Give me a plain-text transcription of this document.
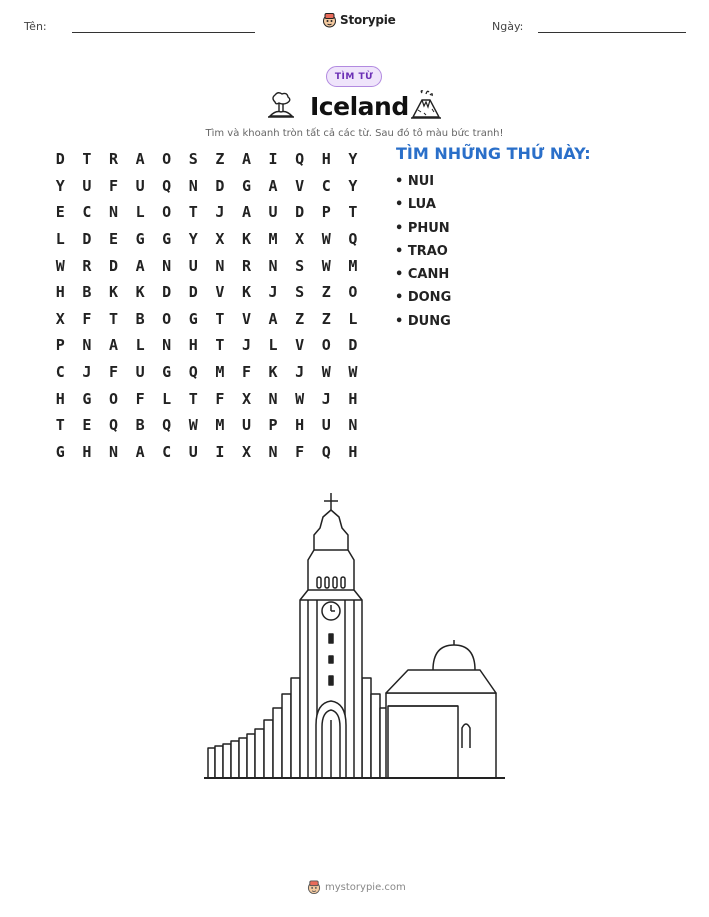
Tên:	Storypie	Ngày:
TÌM TỪ
Iceland
Tìm và khoanh tròn tất cả các từ. Sau đó tô màu bức tranh!
D	T	R	A	O	S	Z	A	I	Q	H	Y
Y	U	F	U	Q	N	D	G	A	V	C	Y
E	C	N	L	O	T	J	A	U	D	P	T
L	D	E	G	G	Y	X	K	M	X	W	Q
W	R	D	A	N	U	N	R	N	S	W	M
H	B	K	K	D	D	V	K	J	S	Z	O
X	F	T	B	O	G	T	V	A	Z	Z	L
P	N	A	L	N	H	T	J	L	V	O	D
C	J	F	U	G	Q	M	F	K	J	W	W
H	G	O	F	L	T	F	X	N	W	J	H
T	E	Q	B	Q	W	M	U	P	H	U	N
G	H	N	A	C	U	I	X	N	F	Q	H
TÌM NHỮNG THỨ NÀY:
• NUI
• LUA
• PHUN
• TRAO
• CANH
• DONG
• DUNG
mystorypie.com
